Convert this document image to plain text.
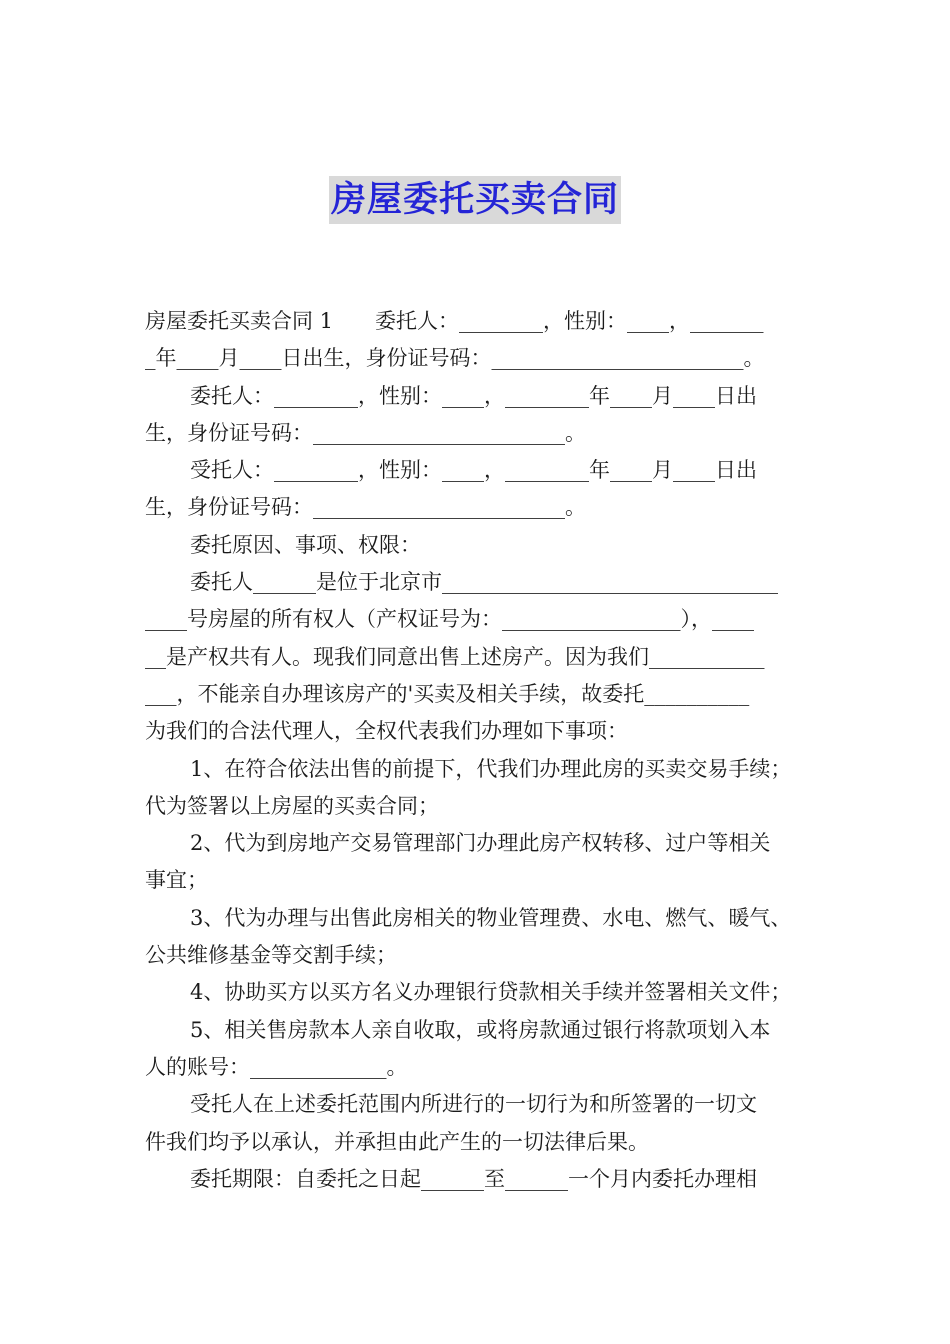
房屋委托买卖合同
房屋委托买卖合同 1　　委托人：________，性别：____，_______
_年____月____日出生，身份证号码：________________________。
委托人：________，性别：____，________年____月____日出
生，身份证号码：________________________。
受托人：________，性别：____，________年____月____日出
生，身份证号码：________________________。
委托原因、事项、权限：
委托人______是位于北京市________________________________
____号房屋的所有权人（产权证号为：_________________），____
__是产权共有人。现我们同意出售上述房产。因为我们___________
___，不能亲自办理该房产的'买卖及相关手续，故委托__________
为我们的合法代理人，全权代表我们办理如下事项：
1、在符合依法出售的前提下，代我们办理此房的买卖交易手续；
代为签署以上房屋的买卖合同；
2、代为到房地产交易管理部门办理此房产权转移、过户等相关
事宜；
3、代为办理与出售此房相关的物业管理费、水电、燃气、暖气、
公共维修基金等交割手续；
4、协助买方以买方名义办理银行贷款相关手续并签署相关文件；
5、相关售房款本人亲自收取，或将房款通过银行将款项划入本
人的账号：_____________。
受托人在上述委托范围内所进行的一切行为和所签署的一切文
件我们均予以承认，并承担由此产生的一切法律后果。
委托期限：自委托之日起______至______一个月内委托办理相
